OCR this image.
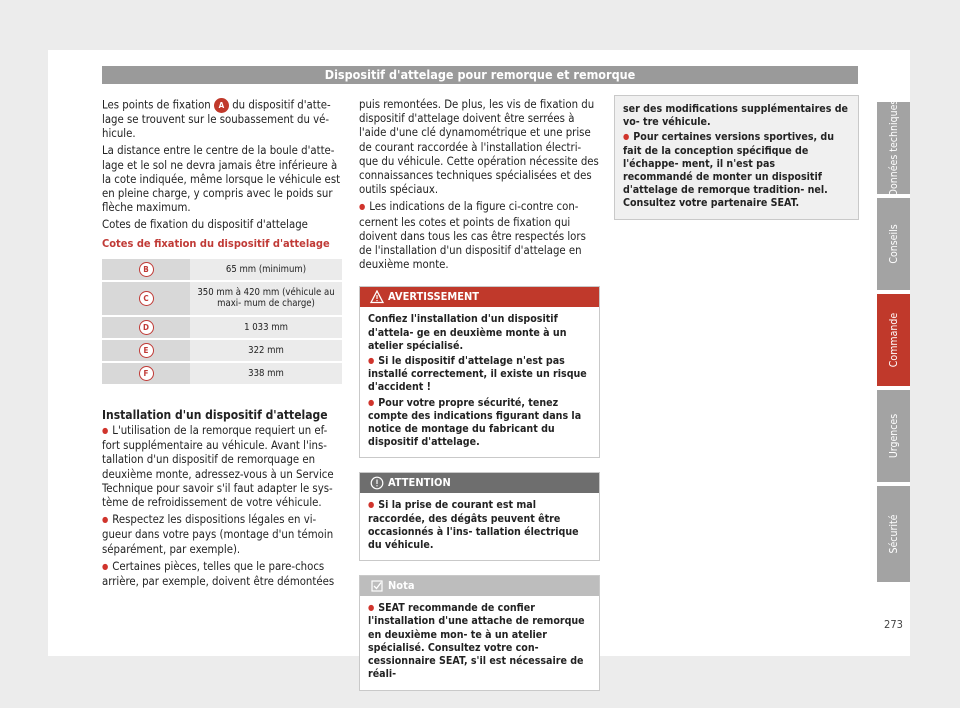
Dispositif d'attelage pour remorque et remorque

Les points de fixation A du dispositif d'atte- lage se trouvent sur le soubassement du vé- hicule.

La distance entre le centre de la boule d'atte- lage et le sol ne devra jamais être inférieure à la cote indiquée, même lorsque le véhicule est en pleine charge, y compris avec le poids sur flèche maximum.

Cotes de fixation du dispositif d'attelage

Cotes de fixation du dispositif d'attelage
B	65 mm (minimum)
C	350 mm à 420 mm (véhicule au maxi- mum de charge)
D	1 033 mm
E	322 mm
F	338 mm
Installation d'un dispositif d'attelage

● L'utilisation de la remorque requiert un ef- fort supplémentaire au véhicule. Avant l'ins- tallation d'un dispositif de remorquage en deuxième monte, adressez-vous à un Service Technique pour savoir s'il faut adapter le sys- tème de refroidissement de votre véhicule.

● Respectez les dispositions légales en vi- gueur dans votre pays (montage d'un témoin séparément, par exemple).

● Certaines pièces, telles que le pare-chocs arrière, par exemple, doivent être démontées

puis remontées. De plus, les vis de fixation du dispositif d'attelage doivent être serrées à l'aide d'une clé dynamométrique et une prise de courant raccordée à l'installation électri- que du véhicule. Cette opération nécessite des connaissances techniques spécialisées et des outils spéciaux.

● Les indications de la figure ci-contre con- cernent les cotes et points de fixation qui doivent dans tous les cas être respectés lors de l'installation d'un dispositif d'attelage en deuxième monte.

AVERTISSEMENT

Confiez l'installation d'un dispositif d'attela- ge en deuxième monte à un atelier spécialisé.

● Si le dispositif d'attelage n'est pas installé correctement, il existe un risque d'accident !

● Pour votre propre sécurité, tenez compte des indications figurant dans la notice de montage du fabricant du dispositif d'attelage.

ATTENTION

● Si la prise de courant est mal raccordée, des dégâts peuvent être occasionnés à l'ins- tallation électrique du véhicule.

Nota

● SEAT recommande de confier l'installation d'une attache de remorque en deuxième mon- te à un atelier spécialisé. Consultez votre con- cessionnaire SEAT, s'il est nécessaire de réali-

ser des modifications supplémentaires de vo- tre véhicule.

● Pour certaines versions sportives, du fait de la conception spécifique de l'échappe- ment, il n'est pas recommandé de monter un dispositif d'attelage de remorque tradition- nel. Consultez votre partenaire SEAT.

Données techniques
Conseils
Commande
Urgences
Sécurité
273
